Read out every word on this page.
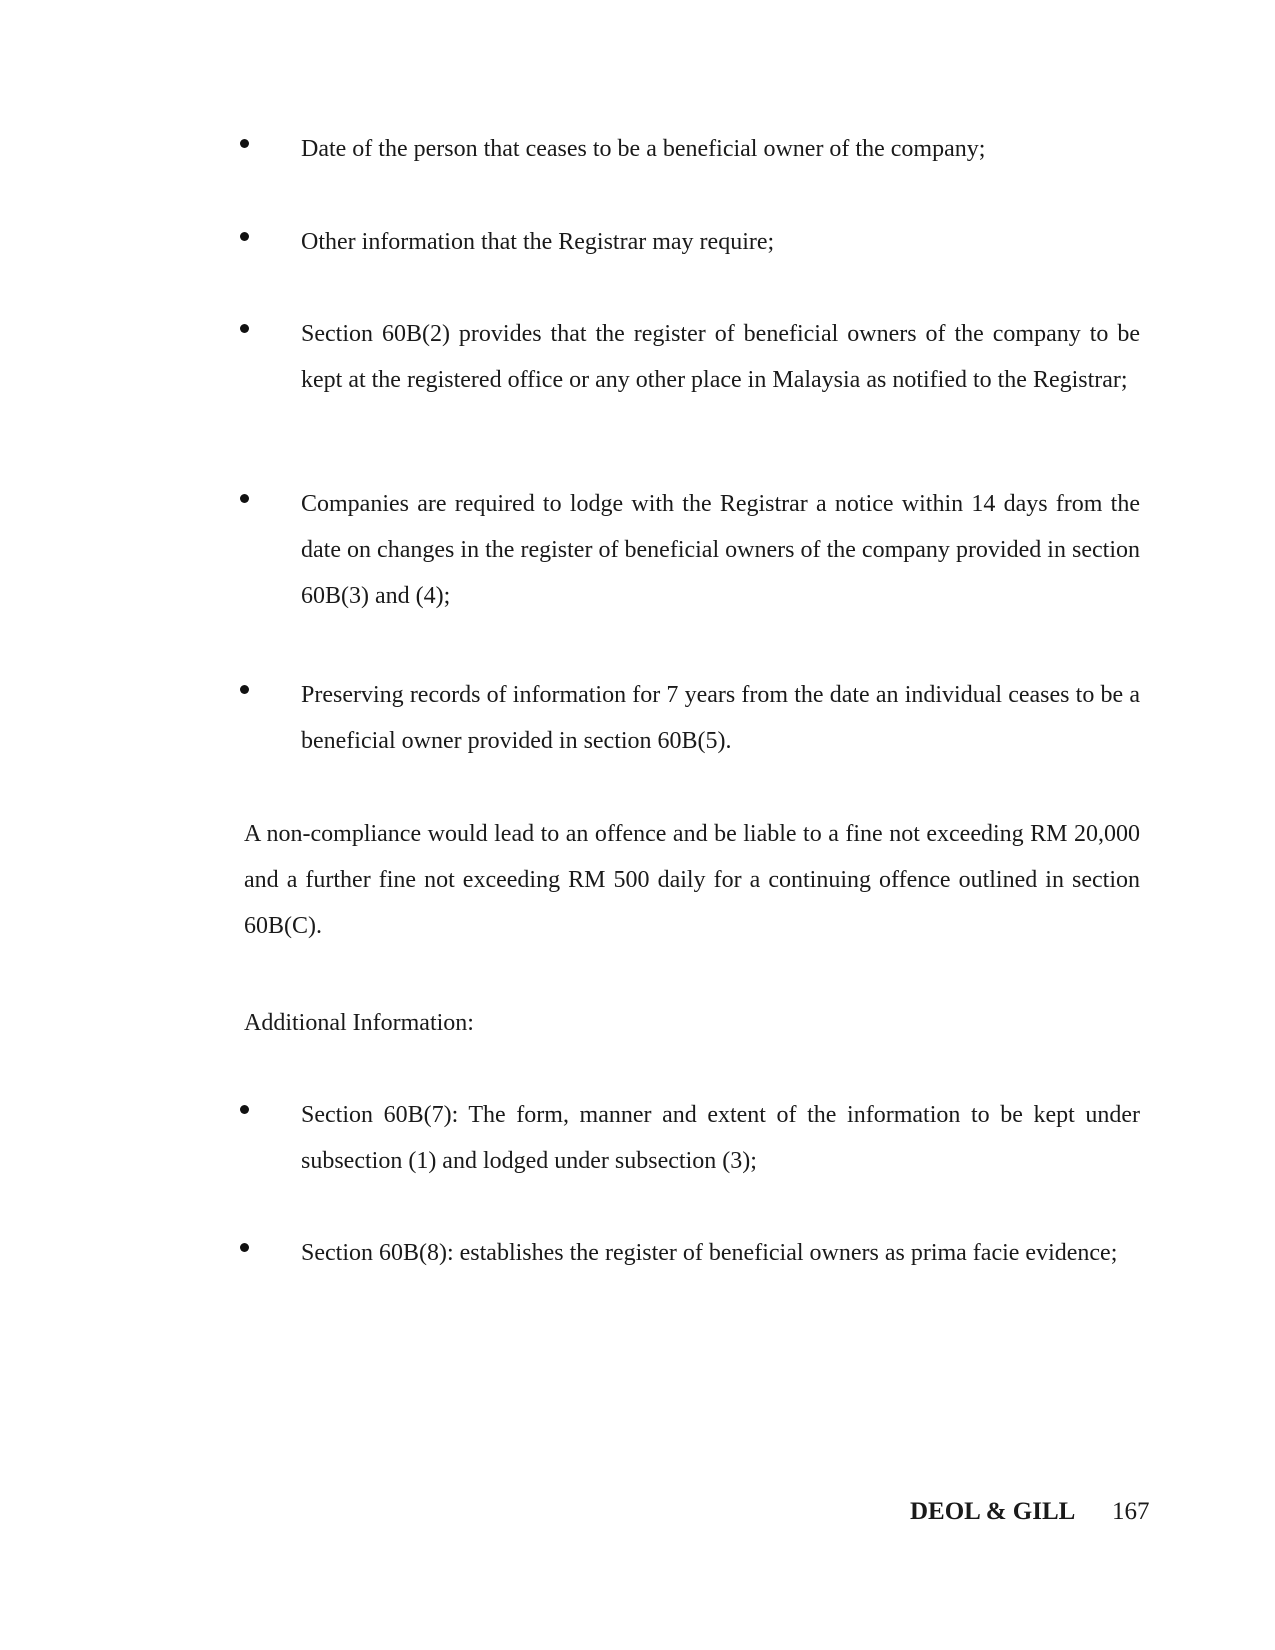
Date of the person that ceases to be a beneficial owner of the company;
Other information that the Registrar may require;
Section 60B(2) provides that the register of beneficial owners of the company to be kept at the registered office or any other place in Malaysia as notified to the Registrar;
Companies are required to lodge with the Registrar a notice within 14 days from the date on changes in the register of beneficial owners of the company provided in section 60B(3) and (4);
Preserving records of information for 7 years from the date an individual ceases to be a beneficial owner provided in section 60B(5).
A non-compliance would lead to an offence and be liable to a fine not exceeding RM 20,000 and a further fine not exceeding RM 500 daily for a continuing offence outlined in section 60B(C).
Additional Information:
Section 60B(7): The form, manner and extent of the information to be kept under subsection (1) and lodged under subsection (3);
Section 60B(8): establishes the register of beneficial owners as prima facie evidence;
DEOL & GILL 167
